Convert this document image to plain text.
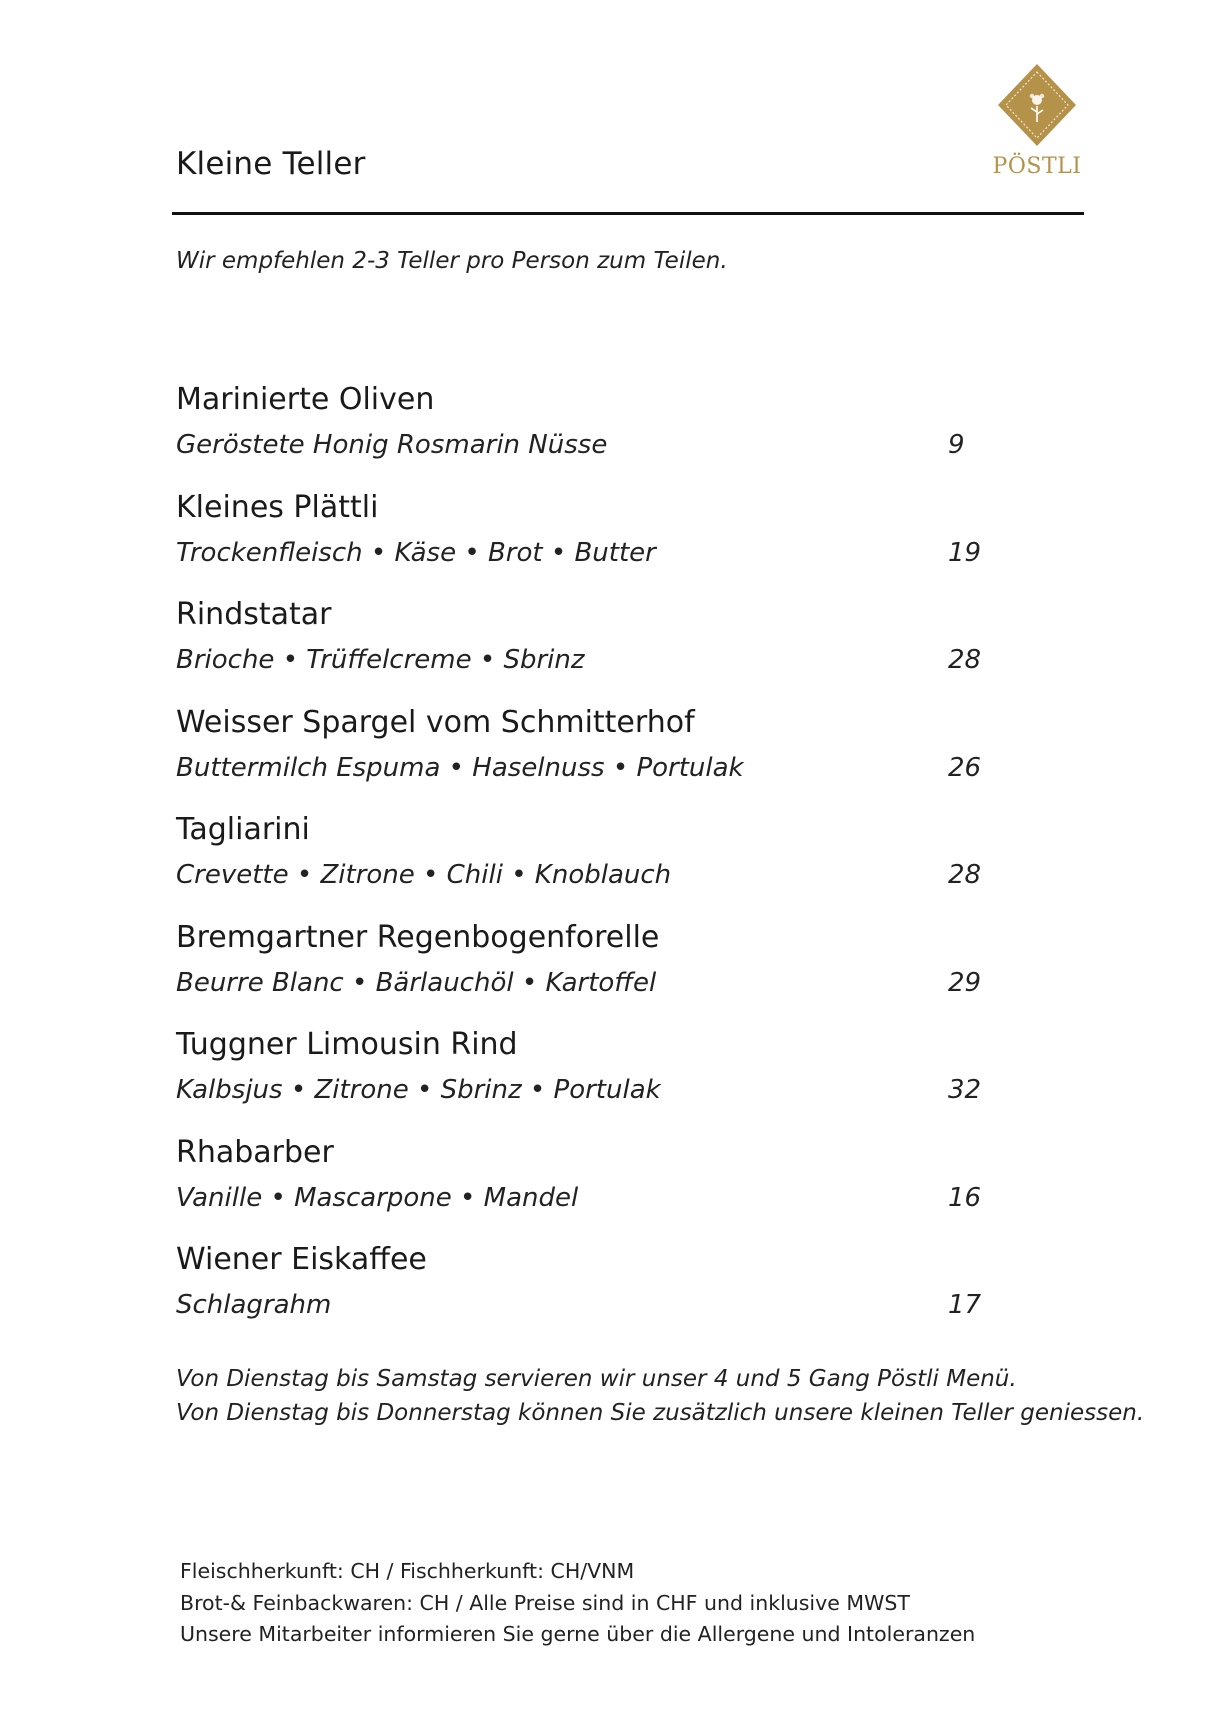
Kleine Teller	PÖSTLI
Wir empfehlen 2-3 Teller pro Person zum Teilen.
Marinierte Oliven
Geröstete Honig Rosmarin Nüsse	9
Kleines Plättli
Trockenfleisch • Käse • Brot • Butter	19
Rindstatar
Brioche • Trüffelcreme • Sbrinz	28
Weisser Spargel vom Schmitterhof
Buttermilch Espuma • Haselnuss • Portulak	26
Tagliarini
Crevette • Zitrone • Chili • Knoblauch	28
Bremgartner Regenbogenforelle
Beurre Blanc • Bärlauchöl • Kartoffel	29
Tuggner Limousin Rind
Kalbsjus • Zitrone • Sbrinz • Portulak	32
Rhabarber
Vanille • Mascarpone • Mandel	16
Wiener Eiskaffee
Schlagrahm	17
Von Dienstag bis Samstag servieren wir unser 4 und 5 Gang Pöstli Menü.
Von Dienstag bis Donnerstag können Sie zusätzlich unsere kleinen Teller geniessen.
Fleischherkunft: CH / Fischherkunft: CH/VNM
Brot-& Feinbackwaren: CH / Alle Preise sind in CHF und inklusive MWST
Unsere Mitarbeiter informieren Sie gerne über die Allergene und Intoleranzen
